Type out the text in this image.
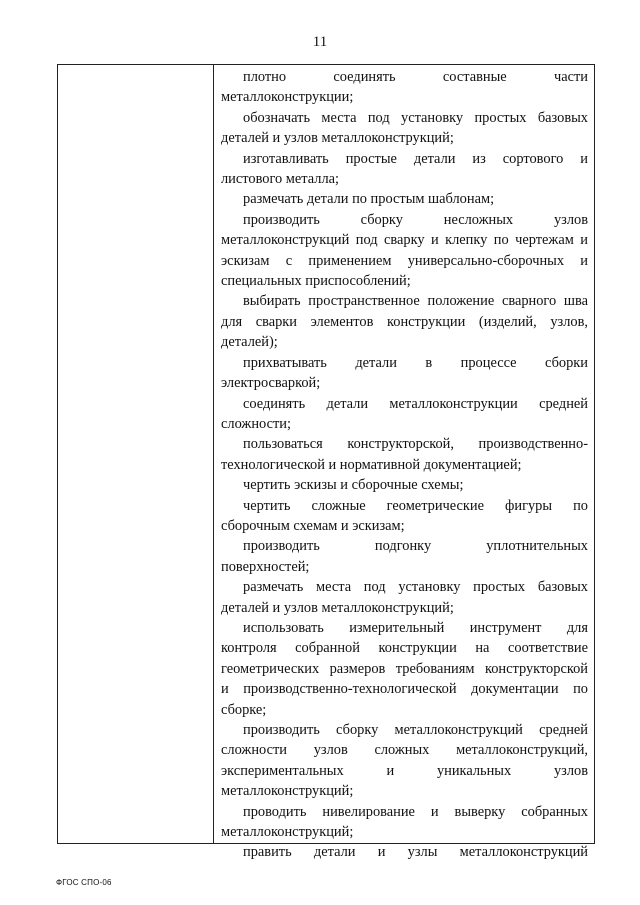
11

плотно соединять составные части
металлоконструкции;

обозначать места под установку простых базовых
деталей и узлов металлоконструкций;

изготавливать простые детали из сортового и
листового металла;

размечать детали по простым шаблонам;

производить сборку несложных узлов
металлоконструкций под сварку и клепку по чертежам и
эскизам с применением универсально-сборочных и
специальных приспособлений;

выбирать пространственное положение сварного шва
для сварки элементов конструкции (изделий, узлов,
деталей);

прихватывать детали в процессе сборки
электросваркой;

соединять детали металлоконструкции средней
сложности;

пользоваться конструкторской, производственно-
технологической и нормативной документацией;

чертить эскизы и сборочные схемы;

чертить сложные геометрические фигуры по
сборочным схемам и эскизам;

производить подгонку уплотнительных
поверхностей;

размечать места под установку простых базовых
деталей и узлов металлоконструкций;

использовать измерительный инструмент для
контроля собранной конструкции на соответствие
геометрических размеров требованиям конструкторской
и производственно-технологической документации по
сборке;

производить сборку металлоконструкций средней
сложности узлов сложных металлоконструкций,
экспериментальных и уникальных узлов
металлоконструкций;

проводить нивелирование и выверку собранных
металлоконструкций;

править детали и узлы металлоконструкций

ФГОС СПО-06
